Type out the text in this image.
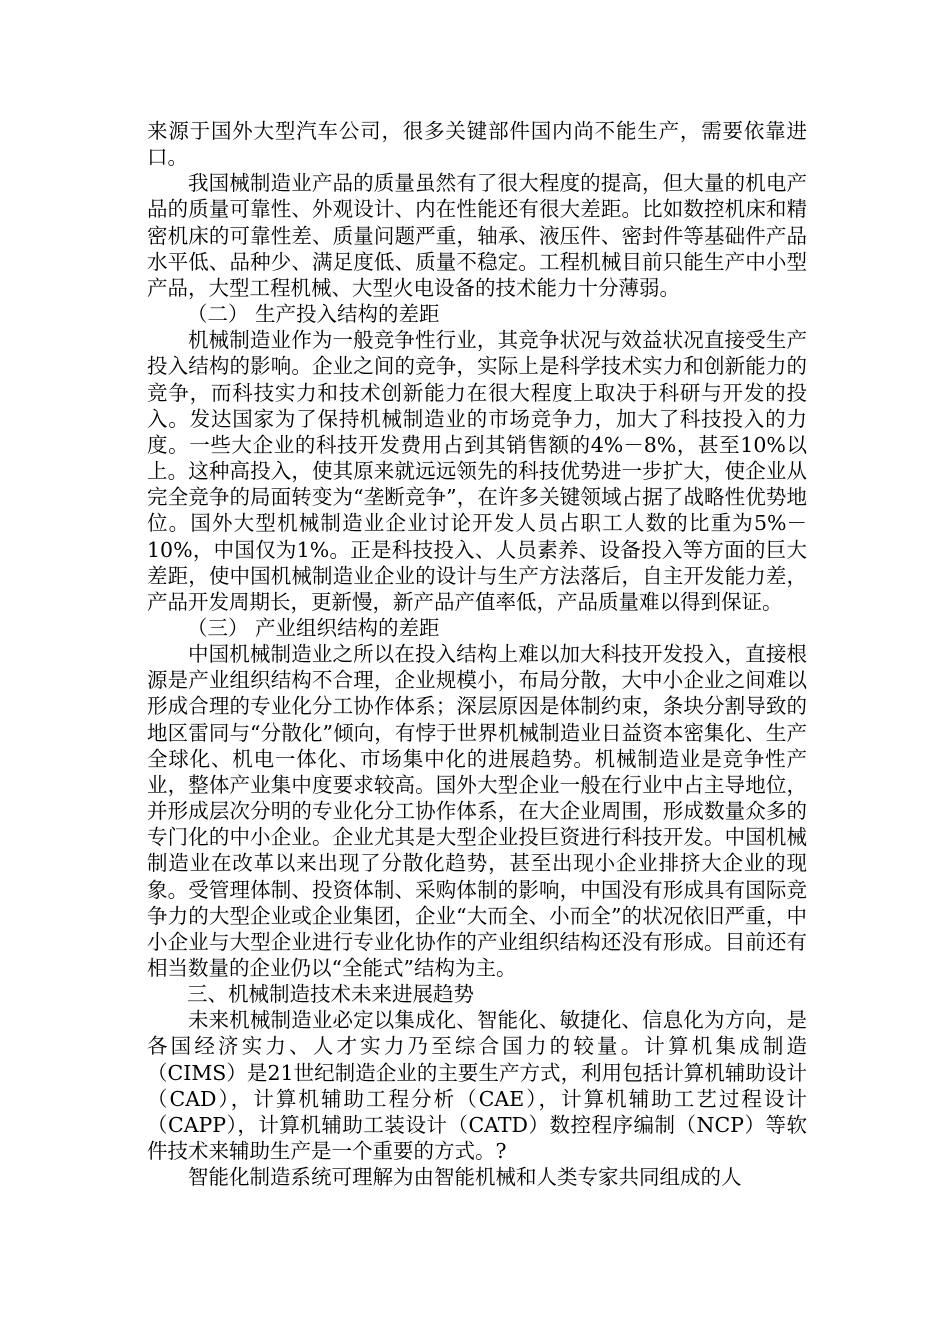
来源于国外大型汽车公司，很多关键部件国内尚不能生产，需要依靠进口。

我国械制造业产品的质量虽然有了很大程度的提高，但大量的机电产品的质量可靠性、外观设计、内在性能还有很大差距。比如数控机床和精密机床的可靠性差、质量问题严重，轴承、液压件、密封件等基础件产品水平低、品种少、满足度低、质量不稳定。工程机械目前只能生产中小型产品，大型工程机械、大型火电设备的技术能力十分薄弱。

（二） 生产投入结构的差距

机械制造业作为一般竞争性行业，其竞争状况与效益状况直接受生产投入结构的影响。企业之间的竞争，实际上是科学技术实力和创新能力的竞争，而科技实力和技术创新能力在很大程度上取决于科研与开发的投入。发达国家为了保持机械制造业的市场竞争力，加大了科技投入的力度。一些大企业的科技开发费用占到其销售额的4%－8%，甚至10%以上。这种高投入，使其原来就远远领先的科技优势进一步扩大，使企业从完全竞争的局面转变为“垄断竞争”，在许多关键领域占据了战略性优势地位。国外大型机械制造业企业讨论开发人员占职工人数的比重为5%－10%，中国仅为1%。正是科技投入、人员素养、设备投入等方面的巨大差距，使中国机械制造业企业的设计与生产方法落后，自主开发能力差，产品开发周期长，更新慢，新产品产值率低，产品质量难以得到保证。

（三） 产业组织结构的差距

中国机械制造业之所以在投入结构上难以加大科技开发投入，直接根源是产业组织结构不合理，企业规模小，布局分散，大中小企业之间难以形成合理的专业化分工协作体系；深层原因是体制约束，条块分割导致的地区雷同与“分散化”倾向，有悖于世界机械制造业日益资本密集化、生产全球化、机电一体化、市场集中化的进展趋势。机械制造业是竞争性产业，整体产业集中度要求较高。国外大型企业一般在行业中占主导地位，并形成层次分明的专业化分工协作体系，在大企业周围，形成数量众多的专门化的中小企业。企业尤其是大型企业投巨资进行科技开发。中国机械制造业在改革以来出现了分散化趋势，甚至出现小企业排挤大企业的现象。受管理体制、投资体制、采购体制的影响，中国没有形成具有国际竞争力的大型企业或企业集团，企业“大而全、小而全”的状况依旧严重，中小企业与大型企业进行专业化协作的产业组织结构还没有形成。目前还有相当数量的企业仍以“全能式”结构为主。

三、机械制造技术未来进展趋势

未来机械制造业必定以集成化、智能化、敏捷化、信息化为方向，是各国经济实力、人才实力乃至综合国力的较量。计算机集成制造（CIMS）是21世纪制造企业的主要生产方式，利用包括计算机辅助设计（CAD），计算机辅助工程分析（CAE），计算机辅助工艺过程设计（CAPP），计算机辅助工装设计（CATD）数控程序编制（NCP）等软件技术来辅助生产是一个重要的方式。?

智能化制造系统可理解为由智能机械和人类专家共同组成的人
